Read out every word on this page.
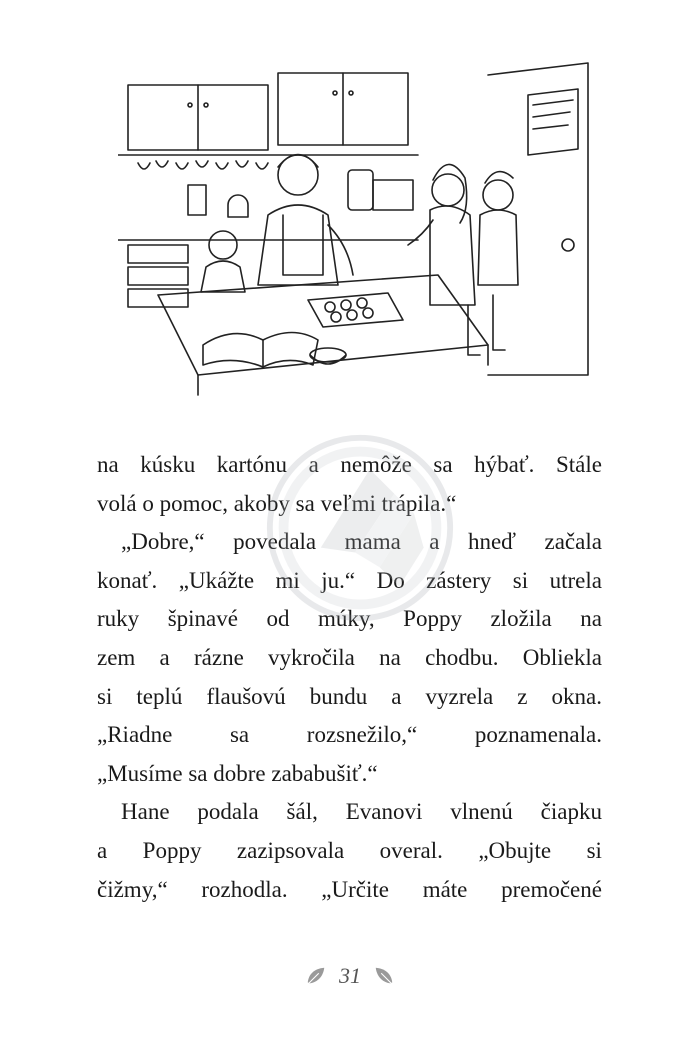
na kúsku kartónu a nemôže sa hýbať. Stále
volá o pomoc, akoby sa veľmi trápila.“
„Dobre,“ povedala mama a hneď začala
konať. „Ukážte mi ju.“ Do zástery si utrela
ruky špinavé od múky, Poppy zložila na
zem a rázne vykročila na chodbu. Obliekla
si teplú flaušovú bundu a vyzrela z okna.
„Riadne	sa	rozsnežilo,“	poznamenala.
„Musíme sa dobre zababušiť.“
Hane podala šál, Evanovi vlnenú čiapku
a Poppy zazipsovala overal. „Obujte si
čižmy,“ rozhodla. „Určite máte premočené
31
